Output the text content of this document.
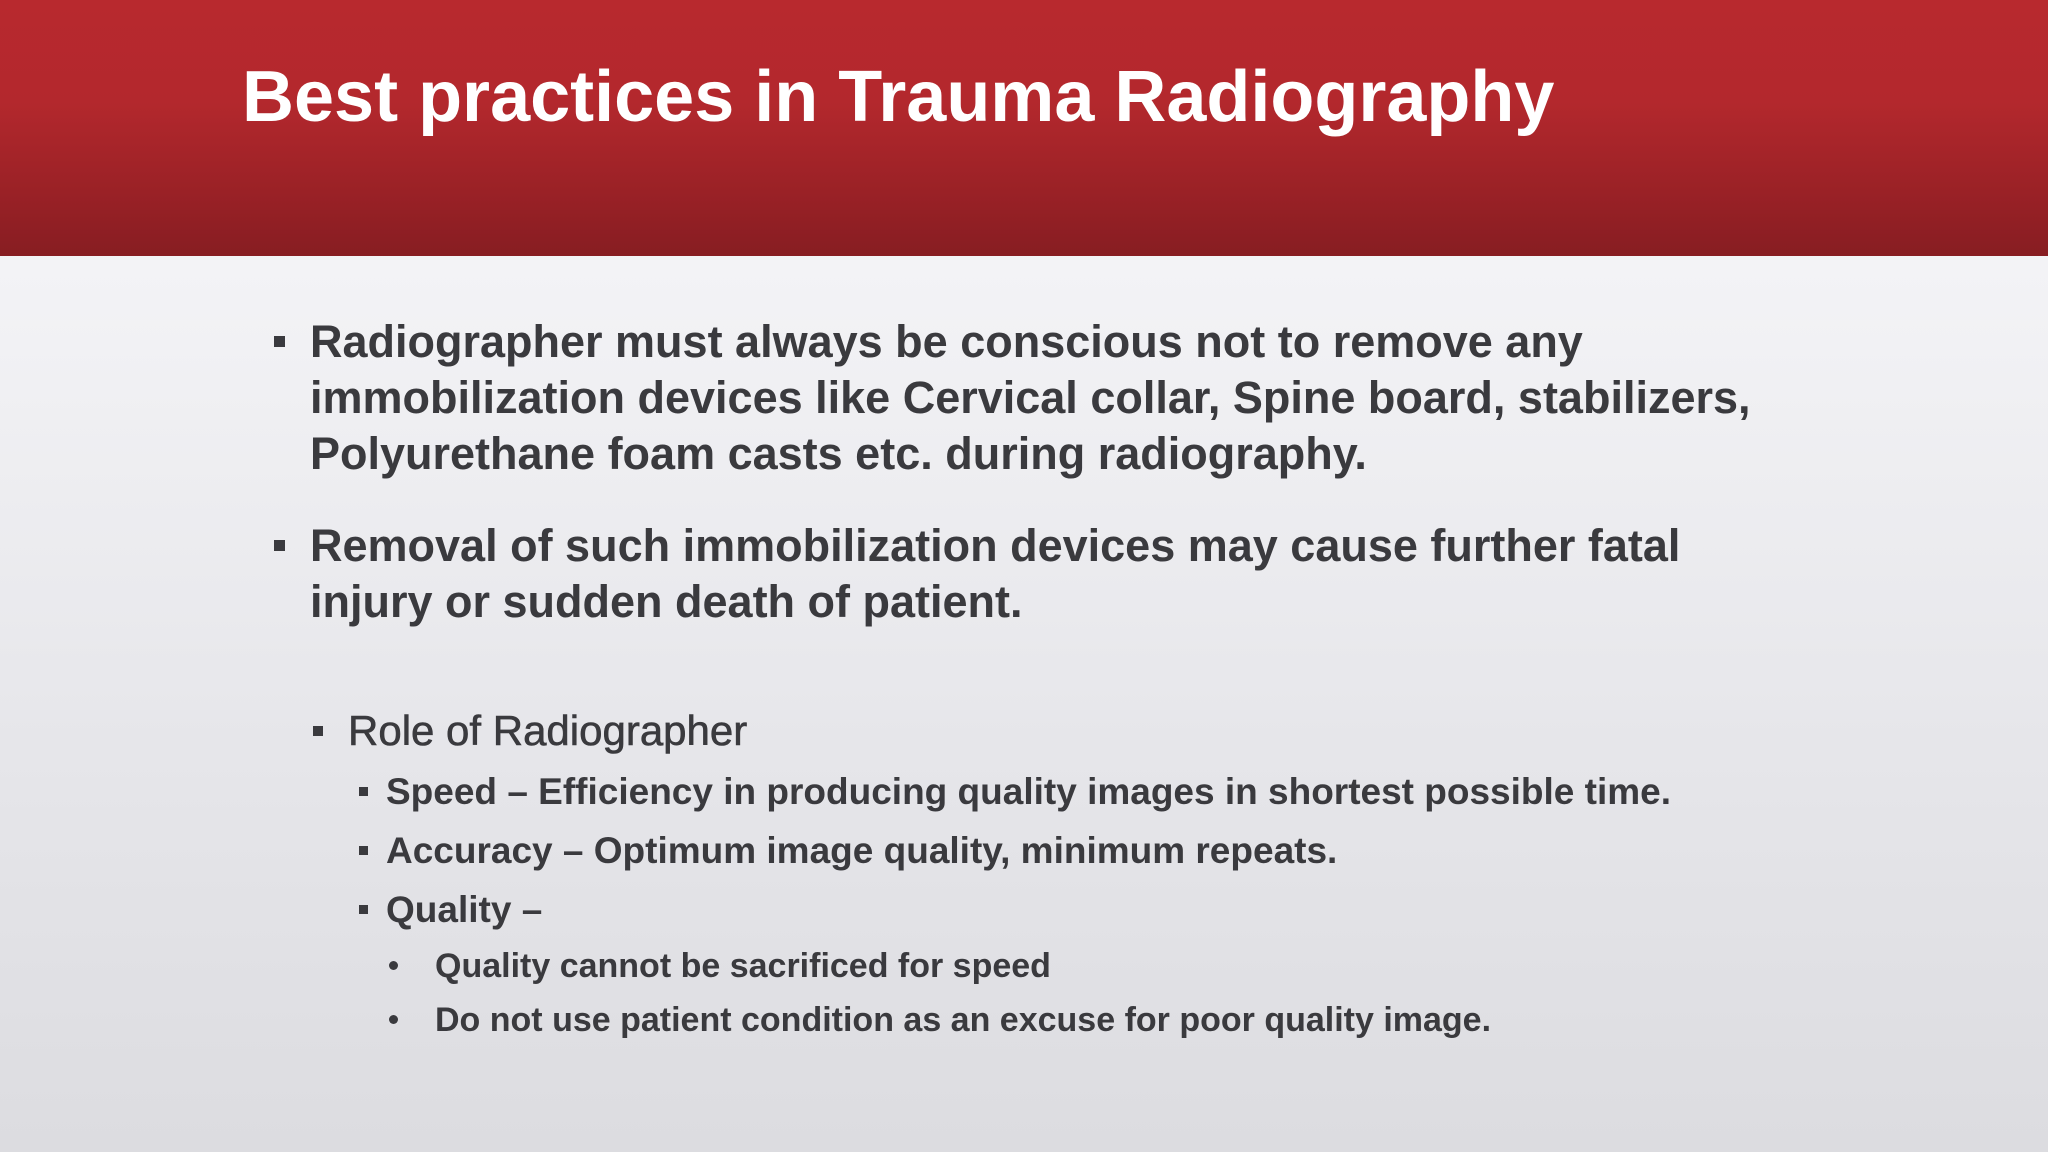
Best practices in Trauma Radiography
Radiographer must always be conscious not to remove any
immobilization devices like Cervical collar, Spine board, stabilizers,
Polyurethane foam casts etc. during radiography.
Removal of such immobilization devices may cause further fatal
injury or sudden death of patient.
Role of Radiographer
Speed – Efficiency in producing quality images in shortest possible time.
Accuracy – Optimum image quality, minimum repeats.
Quality –
Quality cannot be sacrificed for speed
Do not use patient condition as an excuse for poor quality image.
